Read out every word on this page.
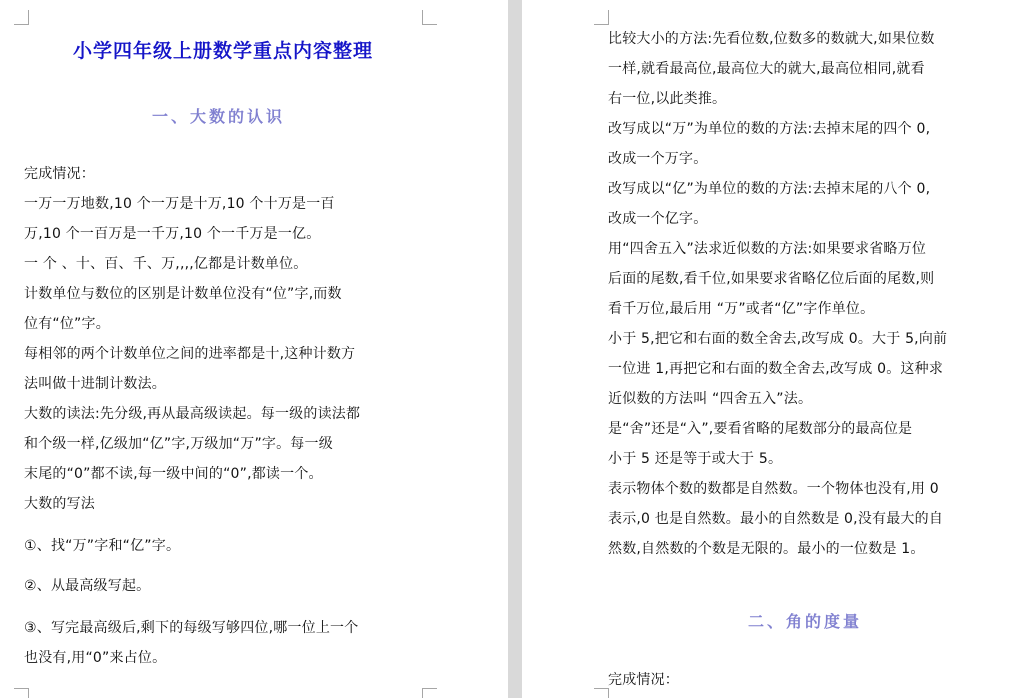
小学四年级上册数学重点内容整理
一、大数的认识
完成情况：
一万一万地数,10 个一万是十万,10 个十万是一百
万,10 个一百万是一千万,10 个一千万是一亿。
一 个 、十、百、千、万,,,,亿都是计数单位。
计数单位与数位的区别是计数单位没有“位”字,而数
位有“位”字。
每相邻的两个计数单位之间的进率都是十,这种计数方
法叫做十进制计数法。
大数的读法:先分级,再从最高级读起。每一级的读法都
和个级一样,亿级加“亿”字,万级加“万”字。每一级
末尾的“0”都不读,每一级中间的“0”,都读一个。
大数的写法
①、找“万”字和“亿”字。
②、从最高级写起。
③、写完最高级后,剩下的每级写够四位,哪一位上一个
也没有,用“0”来占位。
比较大小的方法:先看位数,位数多的数就大,如果位数
一样,就看最高位,最高位大的就大,最高位相同,就看
右一位,以此类推。
改写成以“万”为单位的数的方法:去掉末尾的四个 0,
改成一个万字。
改写成以“亿”为单位的数的方法:去掉末尾的八个 0,
改成一个亿字。
用“四舍五入”法求近似数的方法:如果要求省略万位
后面的尾数,看千位,如果要求省略亿位后面的尾数,则
看千万位,最后用 “万”或者“亿”字作单位。
小于 5,把它和右面的数全舍去,改写成 0。大于 5,向前
一位进 1,再把它和右面的数全舍去,改写成 0。这种求
近似数的方法叫 “四舍五入”法。
是“舍”还是“入”,要看省略的尾数部分的最高位是
小于 5 还是等于或大于 5。
表示物体个数的数都是自然数。一个物体也没有,用 0
表示,0 也是自然数。最小的自然数是 0,没有最大的自
然数,自然数的个数是无限的。最小的一位数是 1。
二、角的度量
完成情况：
